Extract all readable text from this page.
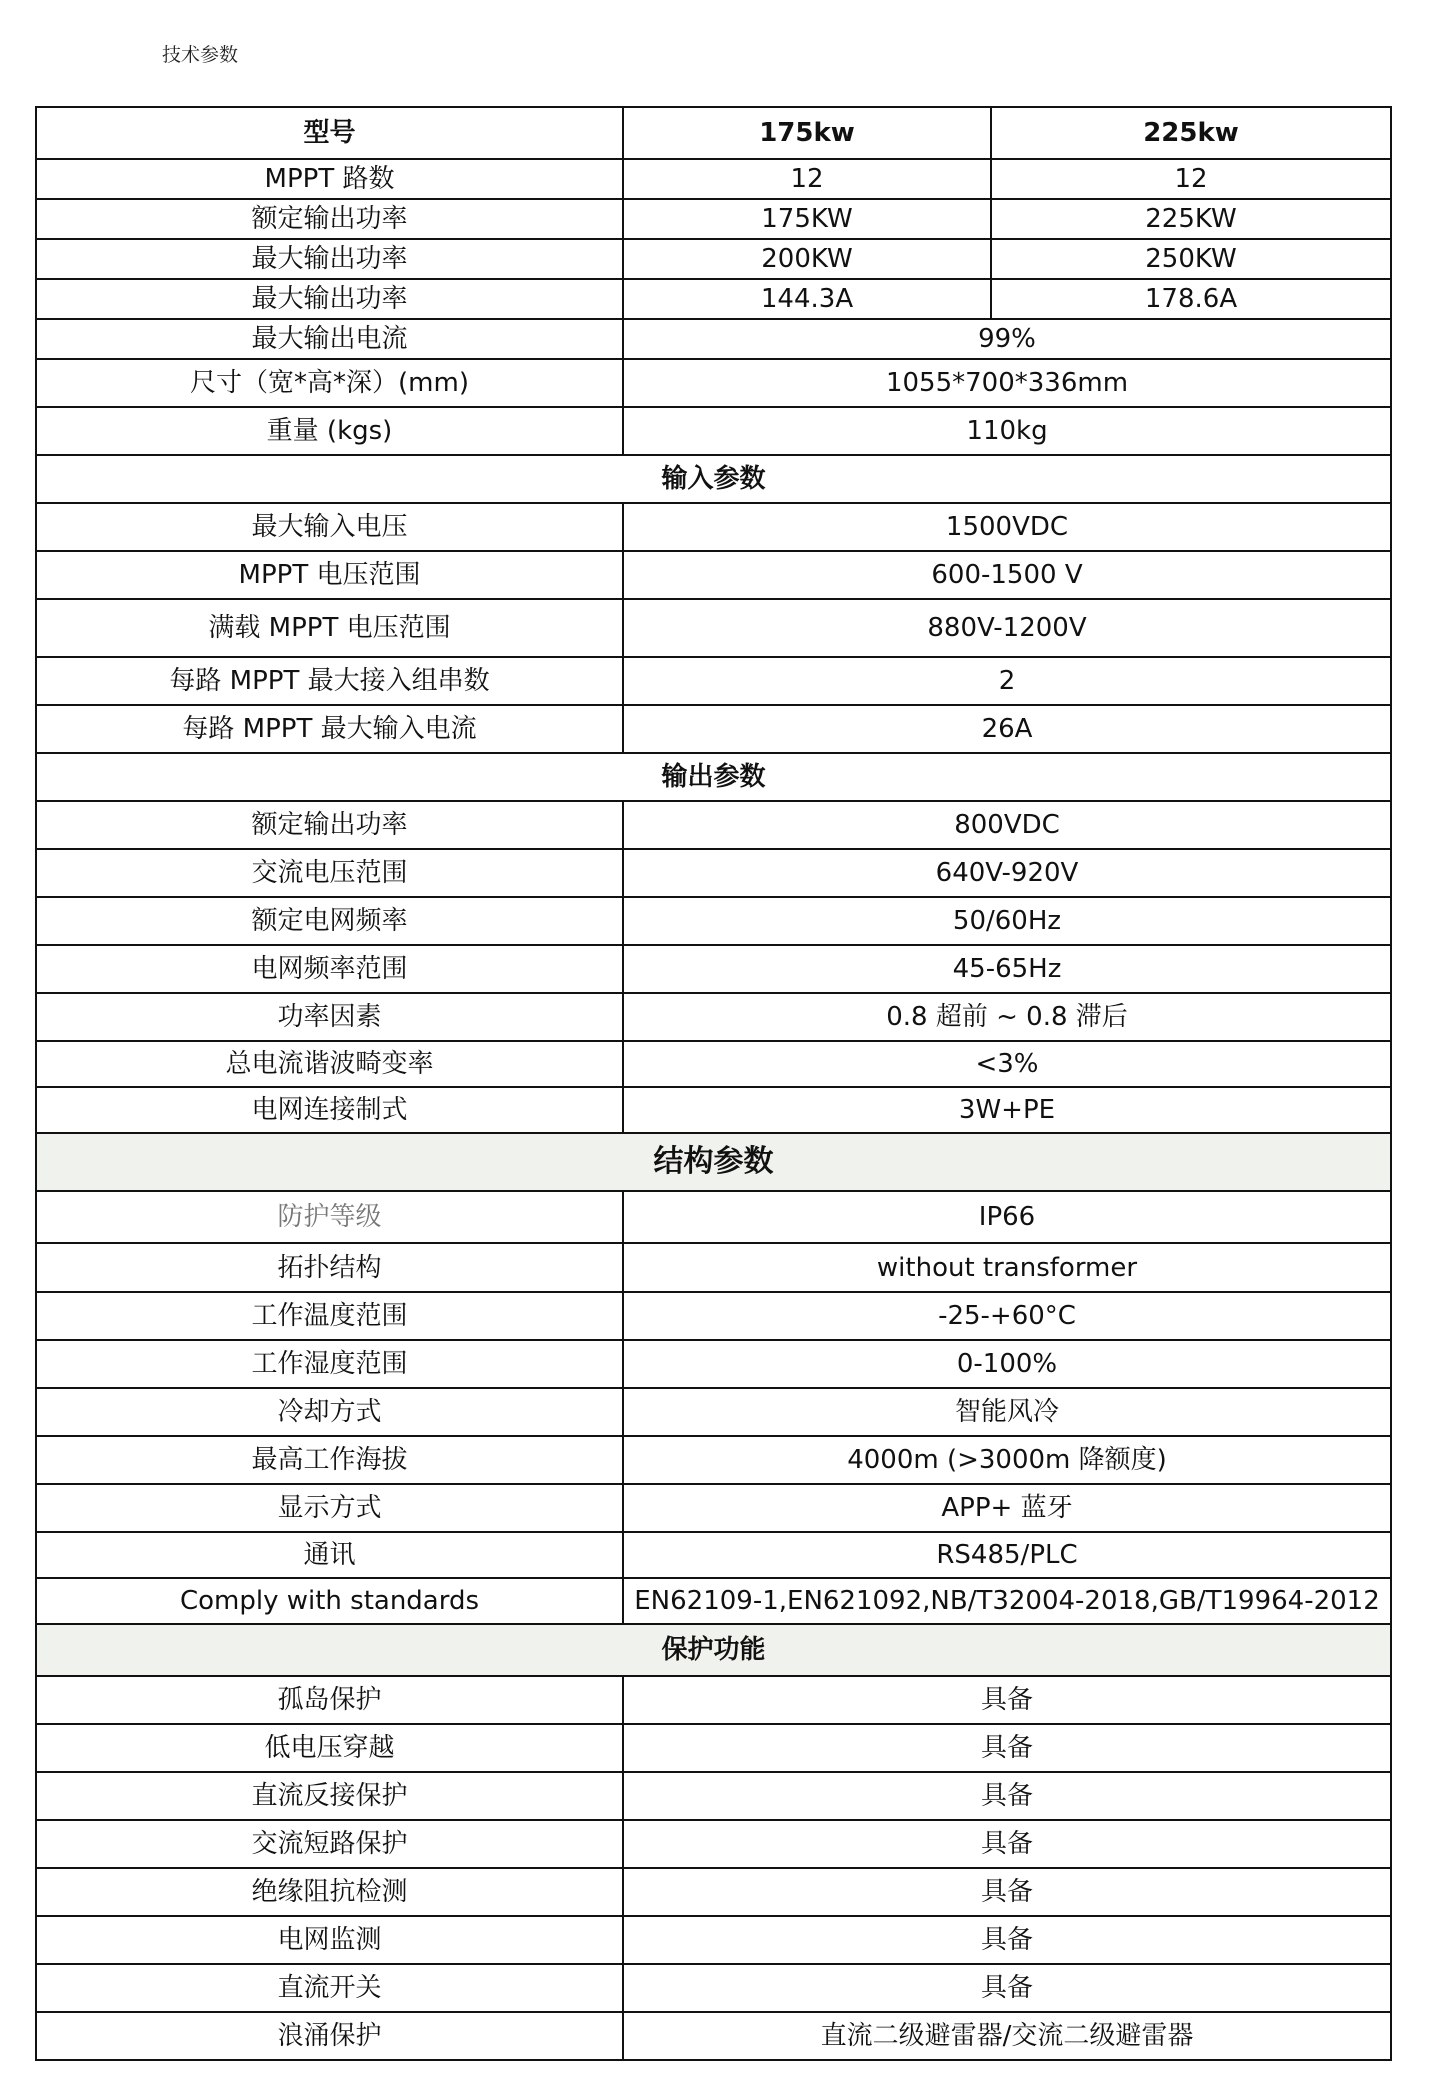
技术参数
型号	175kw	225kw
MPPT 路数	12	12
额定输出功率	175KW	225KW
最大输出功率	200KW	250KW
最大输出功率	144.3A	178.6A
最大输出电流	99%	
尺寸（宽*高*深）(mm)	1055*700*336mm	
重量 (kgs)	110kg	
输入参数		
最大输入电压	1500VDC	
MPPT 电压范围	600-1500 V	
满载 MPPT 电压范围	880V-1200V	
每路 MPPT 最大接入组串数	2	
每路 MPPT 最大输入电流	26A	
输出参数		
额定输出功率	800VDC	
交流电压范围	640V-920V	
额定电网频率	50/60Hz	
电网频率范围	45-65Hz	
功率因素	0.8 超前 ~ 0.8 滞后	
总电流谐波畸变率	<3%	
电网连接制式	3W+PE	
结构参数		
防护等级	IP66	
拓扑结构	without transformer	
工作温度范围	-25-+60°C	
工作湿度范围	0-100%	
冷却方式	智能风冷	
最高工作海拔	4000m (>3000m 降额度)	
显示方式	APP+ 蓝牙	
通讯	RS485/PLC	
Comply with standards	EN62109-1,EN621092,NB/T32004-2018,GB/T19964-2012	
保护功能		
孤岛保护	具备	
低电压穿越	具备	
直流反接保护	具备	
交流短路保护	具备	
绝缘阻抗检测	具备	
电网监测	具备	
直流开关	具备	
浪涌保护	直流二级避雷器/交流二级避雷器	
